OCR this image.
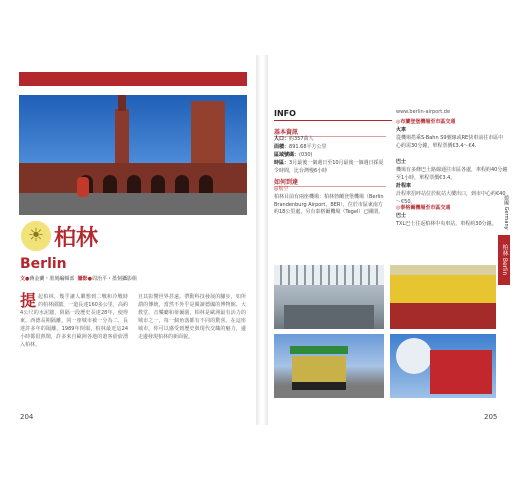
☀ 柏林
Berlin
文●蔣金蘭・墨刻編輯部 攝影●周治平・墨刻攝影組
提 起柏林，幾乎讓人聯想到二戰和冷戰時的柏林圍牆，一道長達160多公里，高約4公尺的水泥牆，阻隔一段歷史長達28年，使得東、西德長期隔離，同一座城市被一分為二，長達許多年的隔離。1989年倒塌，柏林最近這24小時都很熱鬧，許多來自歐洲各地的遊客紛紛湧入柏林。
且其影響世界甚遠。帶動科技發展的腳步，如所謂的傳統，當然不外乎是閱讀德國的博物館、大教堂、音樂廳和蒂爾園，柏林是歐洲最有活力的城市之一，每一個角落都有不同的驚喜。在這座城市，你可以感受到歷史與現代交織的魅力，邊走邊發現柏林的新面貌。
204
INFO
基本資訊
人口：約357萬人
面積：891.68平方公里
區域號碼：(030)
時區：3月最後一個週日至10月最後一個週日採夏令時間，比台灣慢6小時
如何到達
◎航空
柏林目前有兩座機場：柏林勃蘭登堡機場（Berlin Brandenburg Airport，BER），位於市區東南方約18公里處，另有泰格爾機場（Tegel）已關閉。
www.berlin-airport.de
◎布蘭登堡機場至市區交通
火車
從機場搭乘S-Bahn S9號線或RE快車前往市區中心約需30分鐘，單程票價€3.4～€4.
巴士
機場有多條巴士路線通往市區各處，車程約40分鐘至1小時，單程票價€3.4。
計程車
計程車招呼站位於航站大樓出口，到市中心約€40～€50。
◎泰格爾機場至市區交通
巴士
TXL巴士往返柏林中央車站，車程約30分鐘。	德國 Germany
柏林 Berlin
205
